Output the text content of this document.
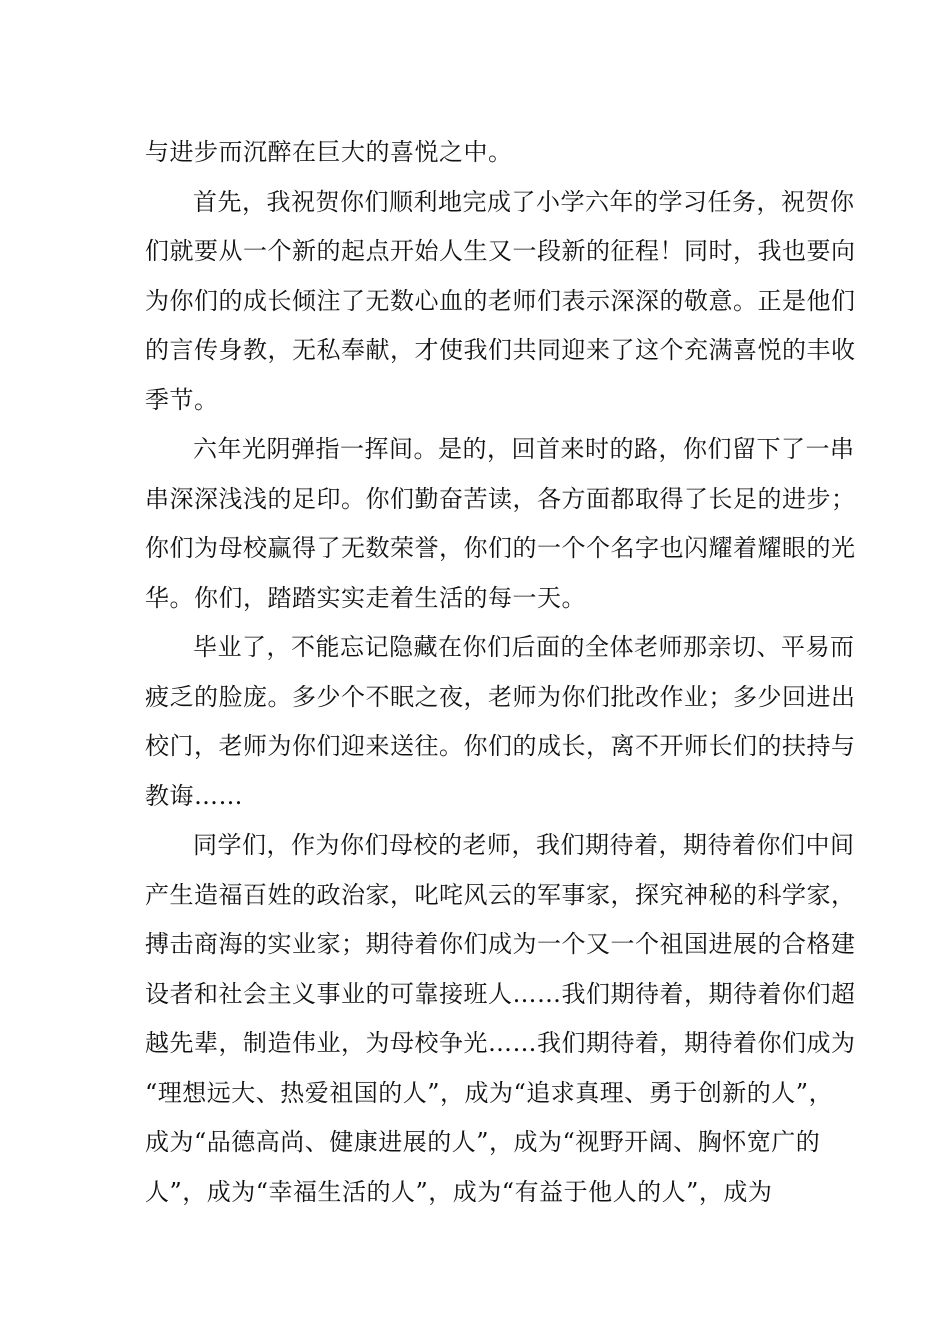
与进步而沉醉在巨大的喜悦之中。
首先，我祝贺你们顺利地完成了小学六年的学习任务，祝贺你
们就要从一个新的起点开始人生又一段新的征程！同时，我也要向
为你们的成长倾注了无数心血的老师们表示深深的敬意。正是他们
的言传身教，无私奉献，才使我们共同迎来了这个充满喜悦的丰收
季节。
六年光阴弹指一挥间。是的，回首来时的路，你们留下了一串
串深深浅浅的足印。你们勤奋苦读，各方面都取得了长足的进步；
你们为母校赢得了无数荣誉，你们的一个个名字也闪耀着耀眼的光
华。你们，踏踏实实走着生活的每一天。
毕业了，不能忘记隐藏在你们后面的全体老师那亲切、平易而
疲乏的脸庞。多少个不眠之夜，老师为你们批改作业；多少回进出
校门，老师为你们迎来送往。你们的成长，离不开师长们的扶持与
教诲……
同学们，作为你们母校的老师，我们期待着，期待着你们中间
产生造福百姓的政治家，叱咤风云的军事家，探究神秘的科学家，
搏击商海的实业家；期待着你们成为一个又一个祖国进展的合格建
设者和社会主义事业的可靠接班人……我们期待着，期待着你们超
越先辈，制造伟业，为母校争光……我们期待着，期待着你们成为
“理想远大、热爱祖国的人”，成为“追求真理、勇于创新的人”，
成为“品德高尚、健康进展的人”，成为“视野开阔、胸怀宽广的
人”，成为“幸福生活的人”，成为“有益于他人的人”，成为
